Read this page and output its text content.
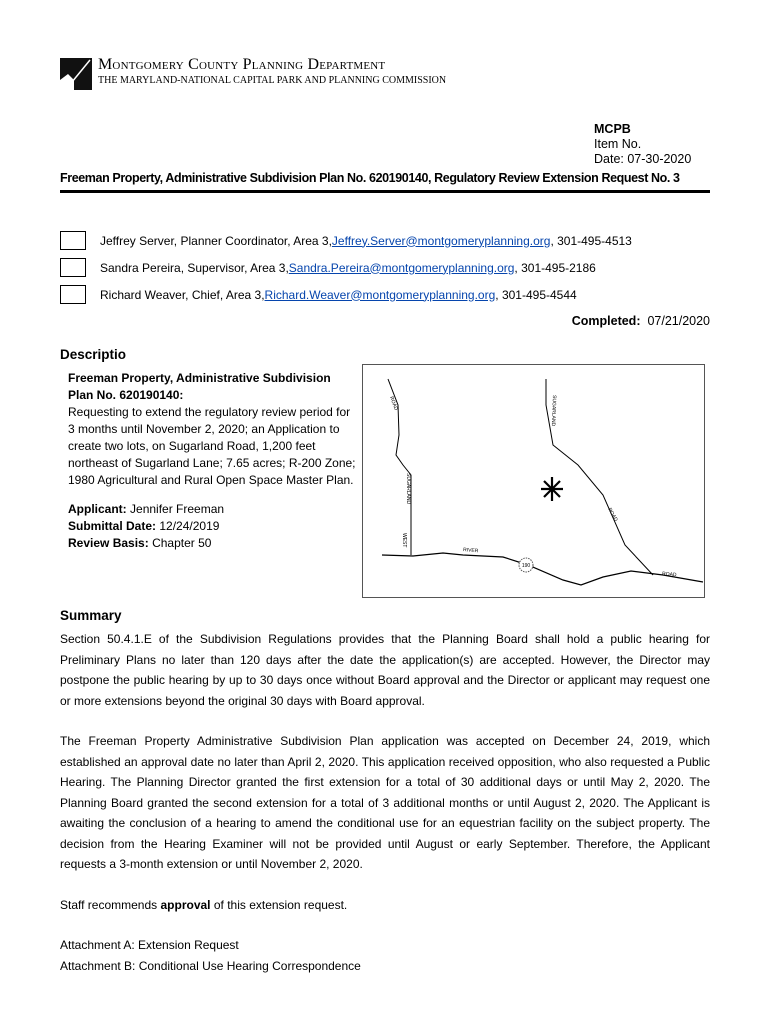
Montgomery County Planning Department
THE MARYLAND-NATIONAL CAPITAL PARK AND PLANNING COMMISSION
MCPB
Item No.
Date: 07-30-2020
Freeman Property, Administrative Subdivision Plan No. 620190140, Regulatory Review Extension Request No. 3
Jeffrey Server, Planner Coordinator, Area 3, Jeffrey.Server@montgomeryplanning.org , 301-495-4513
Sandra Pereira, Supervisor, Area 3, Sandra.Pereira@montgomeryplanning.org , 301-495-2186
Richard Weaver, Chief, Area 3, Richard.Weaver@montgomeryplanning.org , 301-495-4544
Completed: 07/21/2020
Descriptio
Freeman Property, Administrative Subdivision Plan No. 620190140:
Requesting to extend the regulatory review period for 3 months until November 2, 2020; an Application to create two lots, on Sugarland Road, 1,200 feet northeast of Sugarland Lane; 7.65 acres; R-200 Zone; 1980 Agricultural and Rural Open Space Master Plan.
Applicant: Jennifer Freeman
Submittal Date: 12/24/2019
Review Basis: Chapter 50
190
ROAD
SUGARLAND
WEST
RIVER
ROAD
ROAD
SUGARLAND
Summary

Section 50.4.1.E of the Subdivision Regulations provides that the Planning Board shall hold a public hearing for Preliminary Plans no later than 120 days after the date the application(s) are accepted. However, the Director may postpone the public hearing by up to 30 days once without Board approval and the Director or applicant may request one or more extensions beyond the original 30 days with Board approval.

The Freeman Property Administrative Subdivision Plan application was accepted on December 24, 2019, which established an approval date no later than April 2, 2020. This application received opposition, who also requested a Public Hearing. The Planning Director granted the first extension for a total of 30 additional days or until May 2, 2020. The Planning Board granted the second extension for a total of 3 additional months or until August 2, 2020. The Applicant is awaiting the conclusion of a hearing to amend the conditional use for an equestrian facility on the subject property. The decision from the Hearing Examiner will not be provided until August or early September. Therefore, the Applicant requests a 3-month extension or until November 2, 2020.

Staff recommends approval of this extension request.

Attachment A: Extension Request

Attachment B: Conditional Use Hearing Correspondence
